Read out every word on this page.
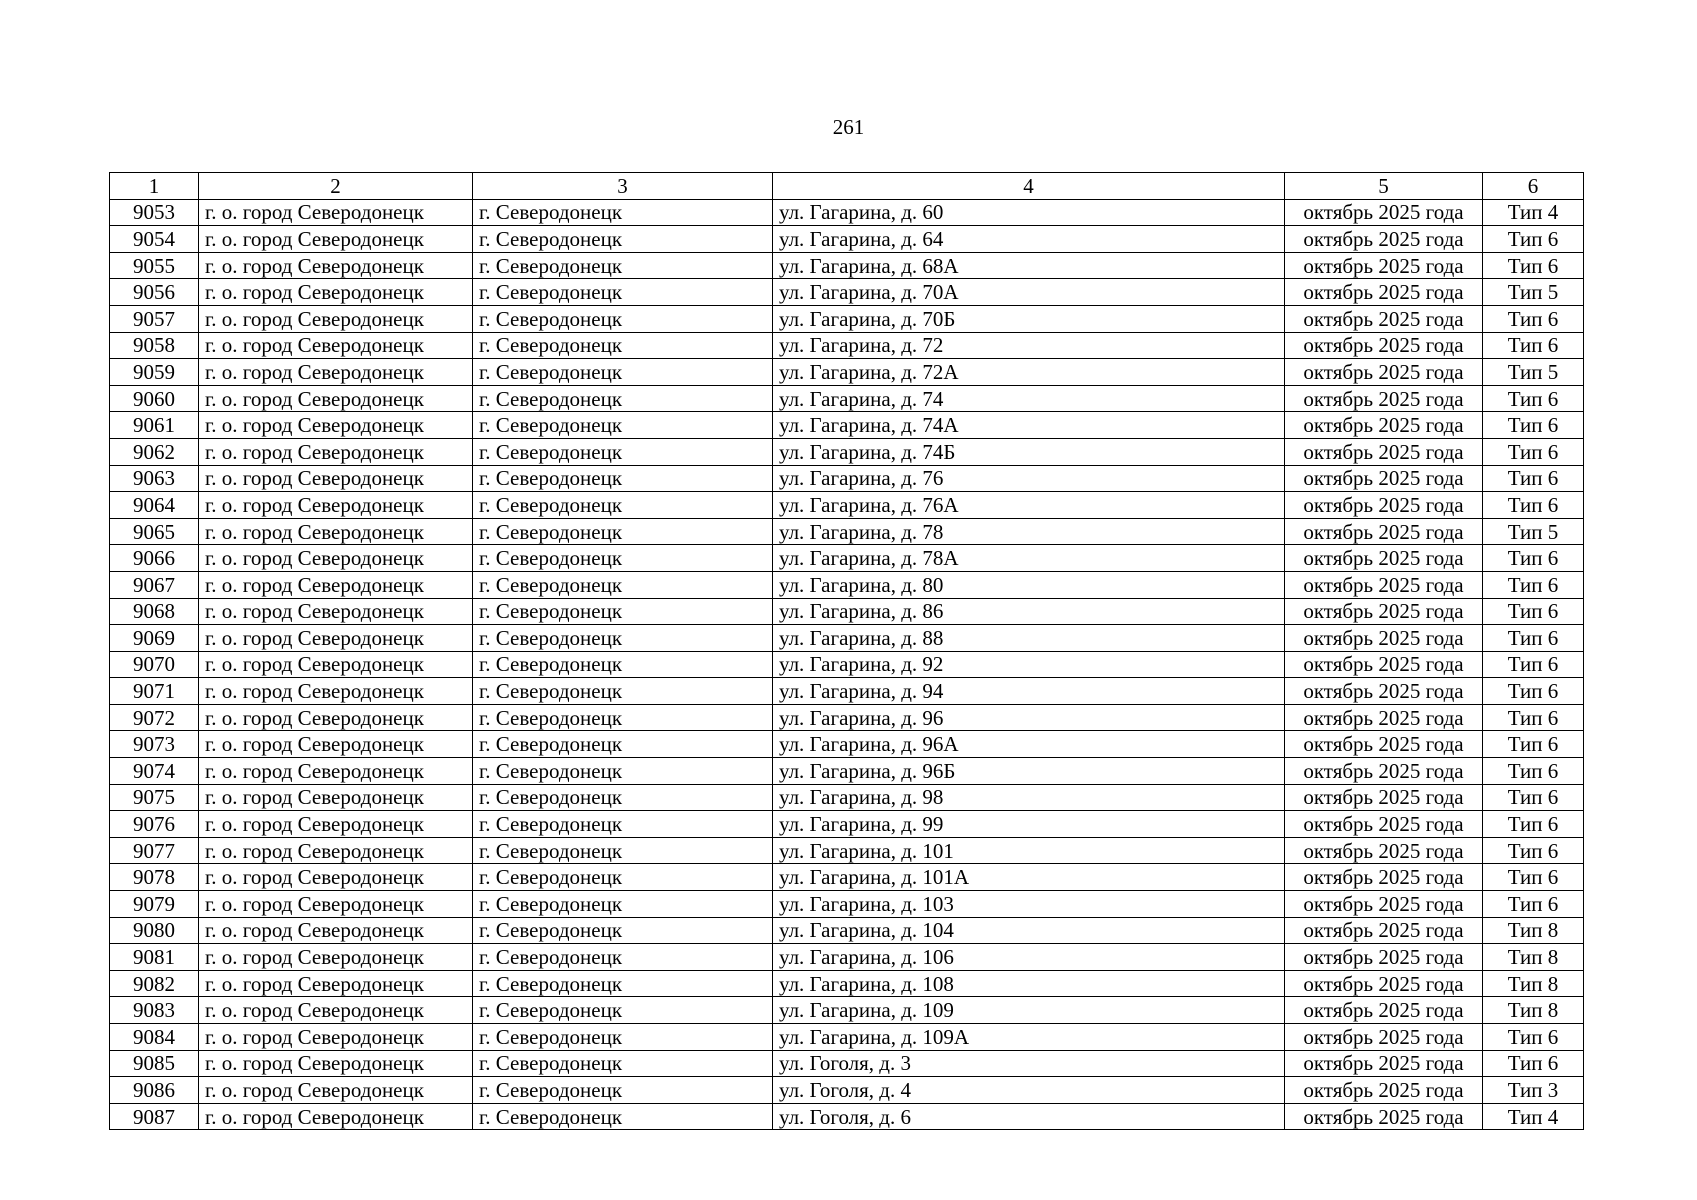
261
1	2	3	4	5	6
9053	г. о. город Северодонецк	г. Северодонецк	ул. Гагарина, д. 60	октябрь 2025 года	Тип 4
9054	г. о. город Северодонецк	г. Северодонецк	ул. Гагарина, д. 64	октябрь 2025 года	Тип 6
9055	г. о. город Северодонецк	г. Северодонецк	ул. Гагарина, д. 68А	октябрь 2025 года	Тип 6
9056	г. о. город Северодонецк	г. Северодонецк	ул. Гагарина, д. 70А	октябрь 2025 года	Тип 5
9057	г. о. город Северодонецк	г. Северодонецк	ул. Гагарина, д. 70Б	октябрь 2025 года	Тип 6
9058	г. о. город Северодонецк	г. Северодонецк	ул. Гагарина, д. 72	октябрь 2025 года	Тип 6
9059	г. о. город Северодонецк	г. Северодонецк	ул. Гагарина, д. 72А	октябрь 2025 года	Тип 5
9060	г. о. город Северодонецк	г. Северодонецк	ул. Гагарина, д. 74	октябрь 2025 года	Тип 6
9061	г. о. город Северодонецк	г. Северодонецк	ул. Гагарина, д. 74А	октябрь 2025 года	Тип 6
9062	г. о. город Северодонецк	г. Северодонецк	ул. Гагарина, д. 74Б	октябрь 2025 года	Тип 6
9063	г. о. город Северодонецк	г. Северодонецк	ул. Гагарина, д. 76	октябрь 2025 года	Тип 6
9064	г. о. город Северодонецк	г. Северодонецк	ул. Гагарина, д. 76А	октябрь 2025 года	Тип 6
9065	г. о. город Северодонецк	г. Северодонецк	ул. Гагарина, д. 78	октябрь 2025 года	Тип 5
9066	г. о. город Северодонецк	г. Северодонецк	ул. Гагарина, д. 78А	октябрь 2025 года	Тип 6
9067	г. о. город Северодонецк	г. Северодонецк	ул. Гагарина, д. 80	октябрь 2025 года	Тип 6
9068	г. о. город Северодонецк	г. Северодонецк	ул. Гагарина, д. 86	октябрь 2025 года	Тип 6
9069	г. о. город Северодонецк	г. Северодонецк	ул. Гагарина, д. 88	октябрь 2025 года	Тип 6
9070	г. о. город Северодонецк	г. Северодонецк	ул. Гагарина, д. 92	октябрь 2025 года	Тип 6
9071	г. о. город Северодонецк	г. Северодонецк	ул. Гагарина, д. 94	октябрь 2025 года	Тип 6
9072	г. о. город Северодонецк	г. Северодонецк	ул. Гагарина, д. 96	октябрь 2025 года	Тип 6
9073	г. о. город Северодонецк	г. Северодонецк	ул. Гагарина, д. 96А	октябрь 2025 года	Тип 6
9074	г. о. город Северодонецк	г. Северодонецк	ул. Гагарина, д. 96Б	октябрь 2025 года	Тип 6
9075	г. о. город Северодонецк	г. Северодонецк	ул. Гагарина, д. 98	октябрь 2025 года	Тип 6
9076	г. о. город Северодонецк	г. Северодонецк	ул. Гагарина, д. 99	октябрь 2025 года	Тип 6
9077	г. о. город Северодонецк	г. Северодонецк	ул. Гагарина, д. 101	октябрь 2025 года	Тип 6
9078	г. о. город Северодонецк	г. Северодонецк	ул. Гагарина, д. 101А	октябрь 2025 года	Тип 6
9079	г. о. город Северодонецк	г. Северодонецк	ул. Гагарина, д. 103	октябрь 2025 года	Тип 6
9080	г. о. город Северодонецк	г. Северодонецк	ул. Гагарина, д. 104	октябрь 2025 года	Тип 8
9081	г. о. город Северодонецк	г. Северодонецк	ул. Гагарина, д. 106	октябрь 2025 года	Тип 8
9082	г. о. город Северодонецк	г. Северодонецк	ул. Гагарина, д. 108	октябрь 2025 года	Тип 8
9083	г. о. город Северодонецк	г. Северодонецк	ул. Гагарина, д. 109	октябрь 2025 года	Тип 8
9084	г. о. город Северодонецк	г. Северодонецк	ул. Гагарина, д. 109А	октябрь 2025 года	Тип 6
9085	г. о. город Северодонецк	г. Северодонецк	ул. Гоголя, д. 3	октябрь 2025 года	Тип 6
9086	г. о. город Северодонецк	г. Северодонецк	ул. Гоголя, д. 4	октябрь 2025 года	Тип 3
9087	г. о. город Северодонецк	г. Северодонецк	ул. Гоголя, д. 6	октябрь 2025 года	Тип 4
